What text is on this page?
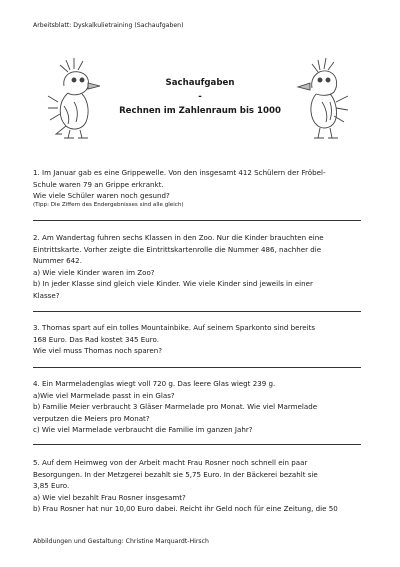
Arbeitsblatt: Dyskalkulietraining (Sachaufgaben)
Sachaufgaben
-
Rechnen im Zahlenraum bis 1000

1. Im Januar gab es eine Grippewelle. Von den insgesamt 412 Schülern der Fröbel-

Schule waren 79 an Grippe erkrankt.

Wie viele Schüler waren noch gesund?

(Tipp: Die Ziffern des Endergebnisses sind alle gleich)

2. Am Wandertag fuhren sechs Klassen in den Zoo. Nur die Kinder brauchten eine

Eintrittskarte. Vorher zeigte die Eintrittskartenrolle die Nummer 486, nachher die

Nummer 642.

a) Wie viele Kinder waren im Zoo?

b) In jeder Klasse sind gleich viele Kinder. Wie viele Kinder sind jeweils in einer

Klasse?

3. Thomas spart auf ein tolles Mountainbike. Auf seinem Sparkonto sind bereits

168 Euro. Das Rad kostet 345 Euro.

Wie viel muss Thomas noch sparen?

4. Ein Marmeladenglas wiegt voll 720 g. Das leere Glas wiegt 239 g.

a)Wie viel Marmelade passt in ein Glas?

b) Familie Meier verbraucht 3 Gläser Marmelade pro Monat. Wie viel Marmelade

verputzen die Meiers pro Monat?

c) Wie viel Marmelade verbraucht die Familie im ganzen Jahr?

5. Auf dem Heimweg von der Arbeit macht Frau Rosner noch schnell ein paar

Besorgungen. In der Metzgerei bezahlt sie 5,75 Euro. In der Bäckerei bezahlt sie

3,85 Euro.

a) Wie viel bezahlt Frau Rosner insgesamt?

b) Frau Rosner hat nur 10,00 Euro dabei. Reicht ihr Geld noch für eine Zeitung, die 50

Abbildungen und Gestaltung: Christine Marquardt-Hirsch
